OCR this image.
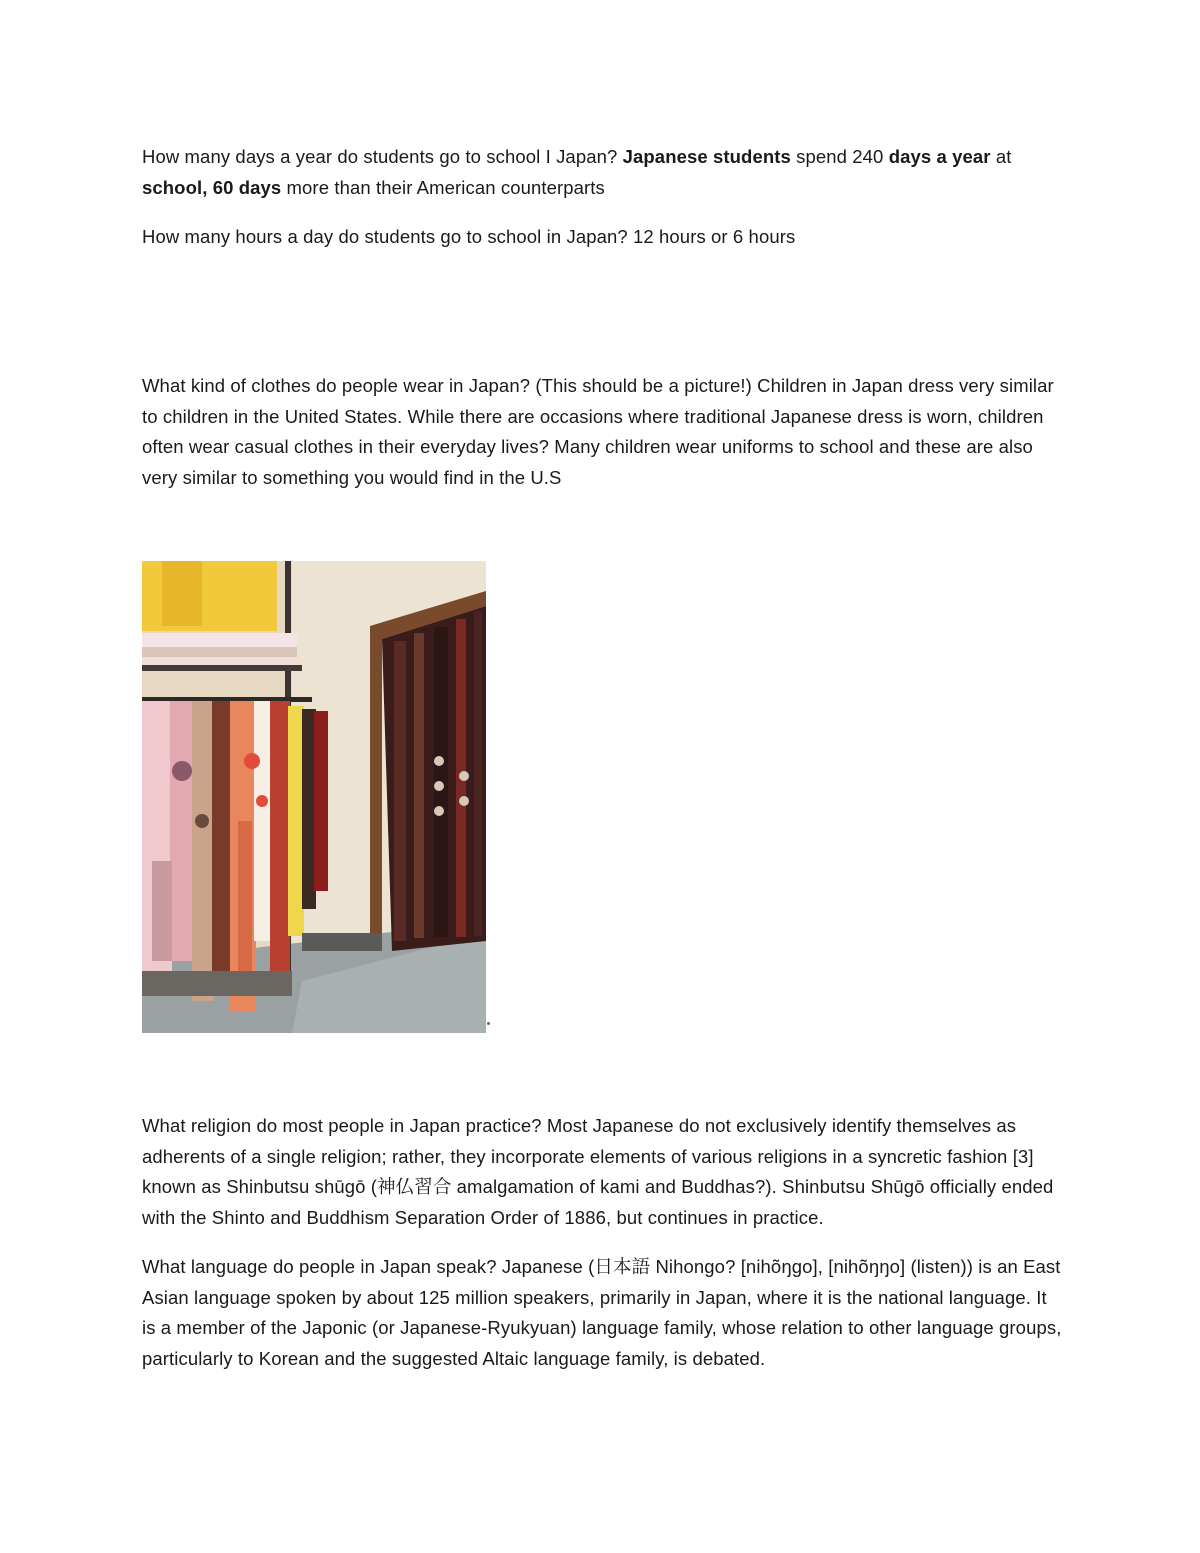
How many days a year do students go to school I Japan? Japanese students spend 240 days a year at school, 60 days more than their American counterparts

How many hours a day do students go to school in Japan? 12 hours or 6 hours

What kind of clothes do people wear in Japan? (This should be a picture!) Children in Japan dress very similar to children in the United States. While there are occasions where traditional Japanese dress is worn, children often wear casual clothes in their everyday lives? Many children wear uniforms to school and these are also very similar to something you would find in the U.S

What religion do most people in Japan practice? Most Japanese do not exclusively identify themselves as adherents of a single religion; rather, they incorporate elements of various religions in a syncretic fashion [3] known as Shinbutsu shūgō (神仏習合 amalgamation of kami and Buddhas?). Shinbutsu Shūgō officially ended with the Shinto and Buddhism Separation Order of 1886, but continues in practice.

What language do people in Japan speak? Japanese (日本語 Nihongo? [nihõŋɡo], [nihõŋŋo] (listen)) is an East Asian language spoken by about 125 million speakers, primarily in Japan, where it is the national language. It is a member of the Japonic (or Japanese-Ryukyuan) language family, whose relation to other language groups, particularly to Korean and the suggested Altaic language family, is debated.
